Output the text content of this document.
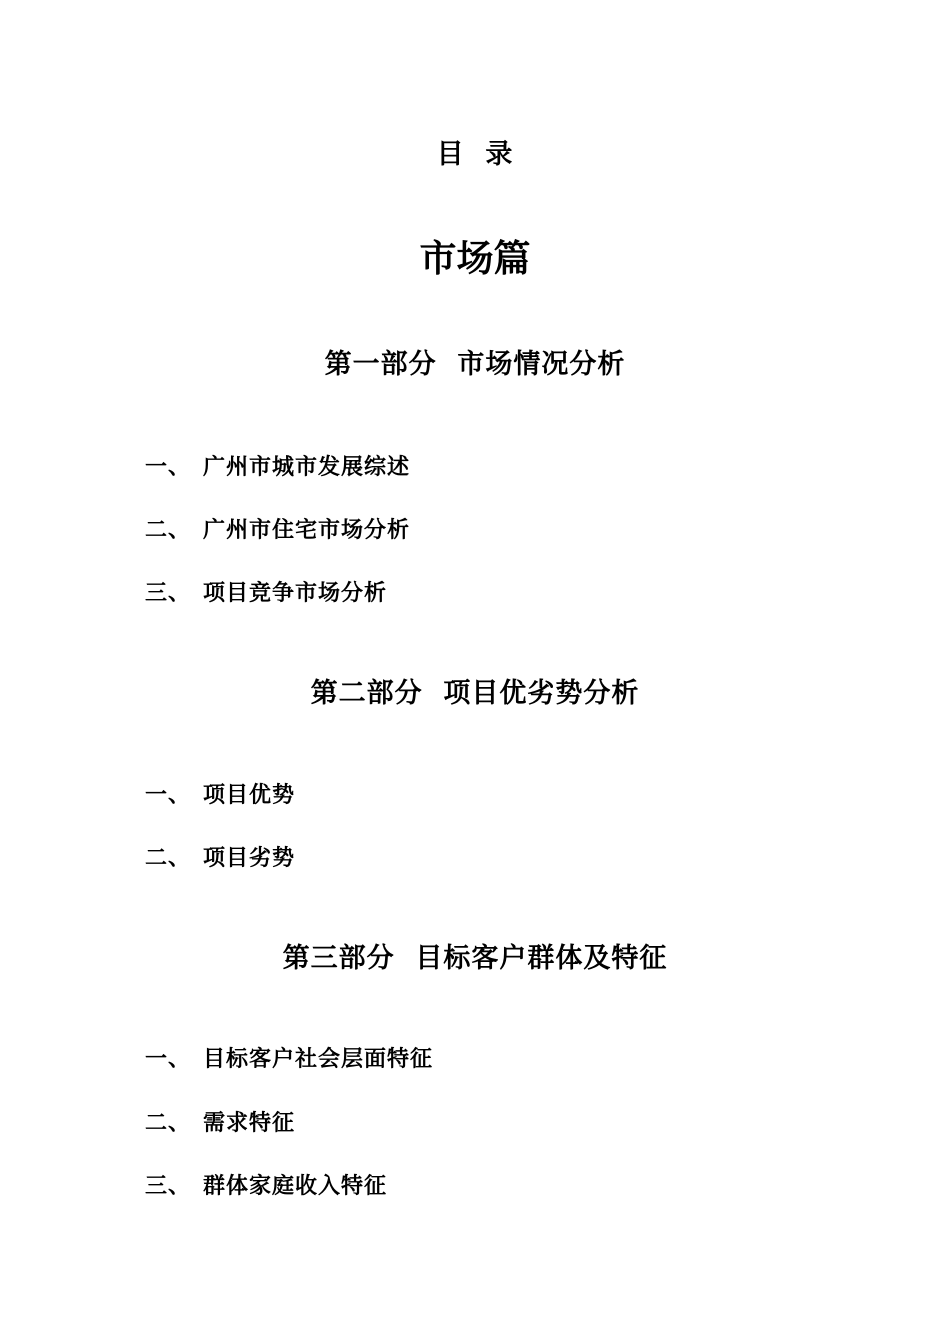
目  录
市场篇
第一部分  市场情况分析
一、 广州市城市发展综述
二、 广州市住宅市场分析
三、 项目竞争市场分析
第二部分  项目优劣势分析
一、 项目优势
二、 项目劣势
第三部分  目标客户群体及特征
一、 目标客户社会层面特征
二、 需求特征
三、 群体家庭收入特征
